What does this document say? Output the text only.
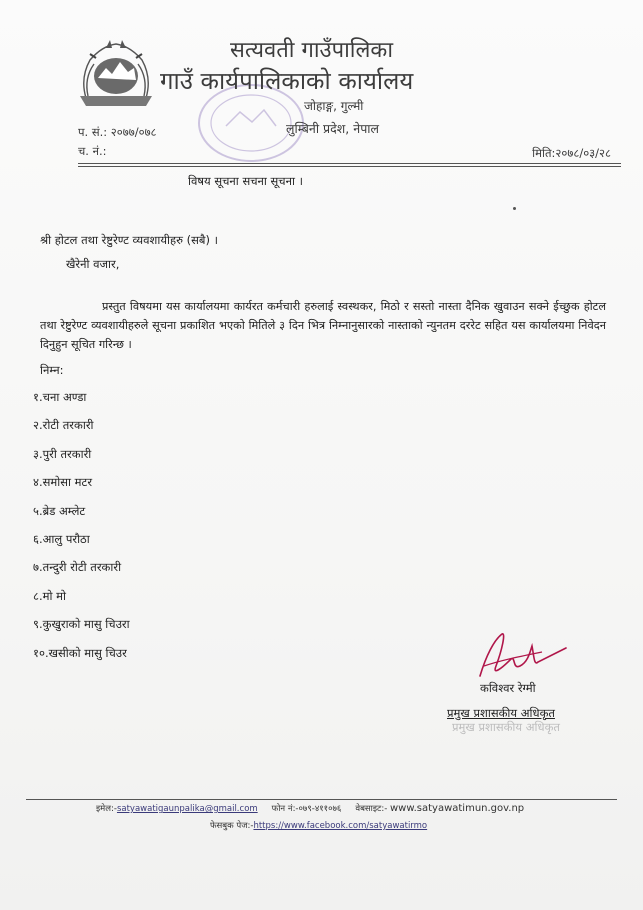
सत्यवती गाउँपालिका
गाउँ कार्यपालिकाको कार्यालय
जोहाङ्ग, गुल्मी
लुम्बिनी प्रदेश, नेपाल
प. सं.: २०७७/०७८
च. नं.:	मिति:२०७८/०३/२८
विषय सूचना सचना सूचना ।
श्री होटल तथा रेष्टुरेण्ट व्यवशायीहरु (सबै) ।
खैरेनी वजार,

प्रस्तुत विषयमा यस कार्यालयमा कार्यरत कर्मचारी हरुलाई स्वस्थकर, मिठो र सस्तो नास्ता दैनिक खुवाउन सक्ने ईच्छुक होटल तथा रेष्टुरेण्ट व्यवशायीहरुले सूचना प्रकाशित भएको मितिले ३ दिन भित्र निम्नानुसारको नास्ताको न्युनतम दररेट सहित यस कार्यालयमा निवेदन दिनुहुन सूचित गरिन्छ ।

निम्न:
१.चना अण्डा
२.रोटी तरकारी
३.पुरी तरकारी
४.समोसा मटर
५.ब्रेड अम्लेट
६.आलु परौठा
७.तन्दुरी रोटी तरकारी
८.मो मो
९.कुखुराको मासु चिउरा
१०.खसीको मासु चिउर
कविश्वर रेग्मी
प्रमुख प्रशासकीय अधिकृत
प्रमुख प्रशासकीय अधिकृत
इमेल:-satyawatigaunpalika@gmail.com फोन नं:-०७९-४११०७६ वेबसाइट:- www.satyawatimun.gov.np
फेसबुक पेज:-https://www.facebook.com/satyawatirmo
